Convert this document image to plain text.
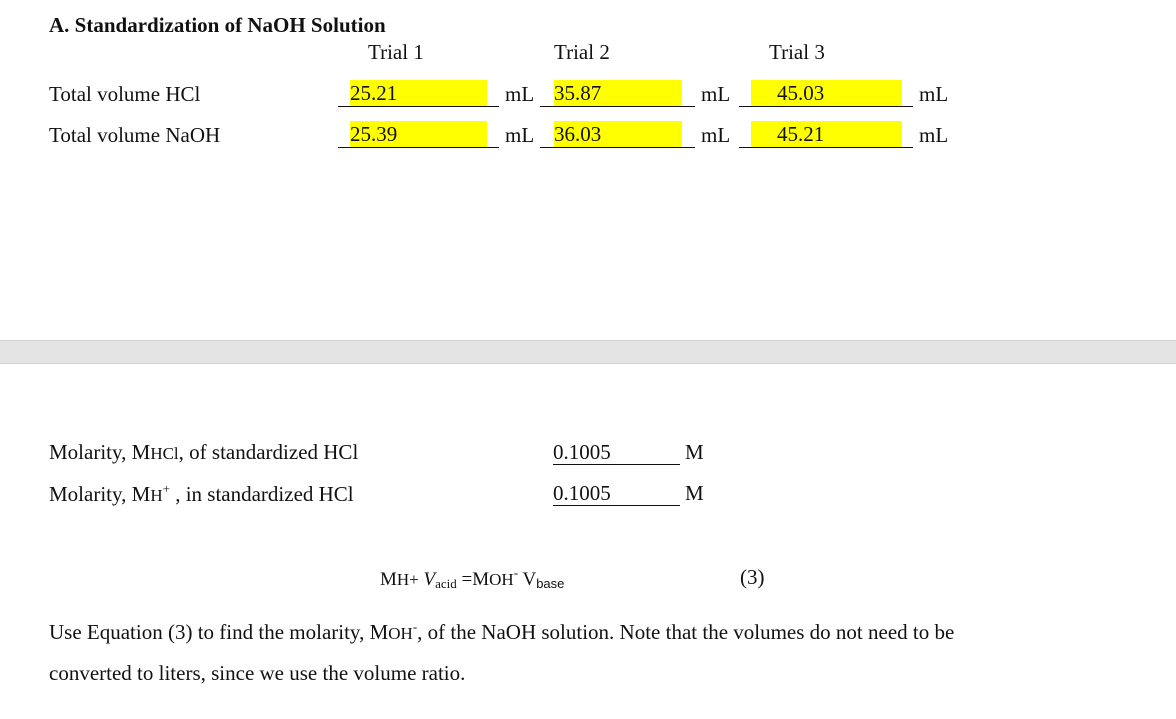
A. Standardization of NaOH Solution
Trial 1	Trial 2	Trial 3
Total volume HCl	25.21	mL 35.87	mL 45.03	mL
Total volume NaOH	25.39	mL 36.03	mL 45.21	mL
Molarity, MHCl, of standardized HCl	0.1005	M
Molarity, MH+ , in standardized HCl	0.1005	M
$MH+ V_{acid} =MOH^-$ $V_{base}$	(3)
Use Equation (3) to find the molarity, MOH-, of the NaOH solution. Note that the volumes do not need to be
converted to liters, since we use the volume ratio.
